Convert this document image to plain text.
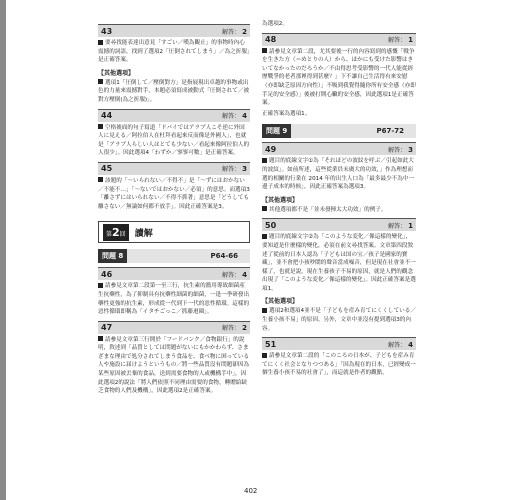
43	解答： 2

要尋找能表達出意見「すごい／嘆為觀止」的事物時內心震撼的詞語，找到了選項2「圧倒されてしまう」／為之折服」是正確答案。

【其他選項】

選項1「圧倒して／壓倒對方」是指展現出卓越的事物或出色的力量來震撼對手，本題必須寫成被動式「圧倒されて／被對方壓倒(為之折服)」。

44	解答： 4

空格後面的句子寫道「ドバイではアラブ人こそ逆に外国人に見える／阿拉伯人在杜拜看起來反而像是外國人」，也就是「アラブ人らしい人はとても少ない／看起來像阿拉伯人的人很少」。因此選項4「わずか／寥寥可數」是正確答案。

45	解答： 3

該題的「～いられない／不得不」是「～ずにはおかない／不能不…」「～ないではおかない／必須」的意思。而選項3「離さずにはいられない／不得不抓著」意思是「どうしても離さない／無論如何都不放手」。因此正確答案是3。

第2回	讀解
問題 8	P64-66
46	解答： 4

請參見文章第二段第一至三行，抗生素的濫用導致細菌產生抗藥性，為了抑制具有抗藥性細菌的細菌，一逢一季研發出藥性更強的抗生素，形成從一代到下一代的惡性循環。這樣的惡性循環即稱為「イタチごっこ／抓藤迴圈」。

47	解答： 2

請參見文章第三行開於「フードバンク／食物銀行」的說明，敘述到「品質としては問題がないにもかかわらず、さまざまな理由で処分されてしまう食品を、食べ物に困っている人や施設に届けようというもの／將一些品質沒有問題卻因為某些原因被丟棄的食品，送到需要食物的人或機構手中」，因此選項2的說法「將人們依照不同理由需要的食物，轉贈給缺乏食物的人們及機構」，因此選項2是正確答案。

為選項2。

48	解答： 1

請參見文章第二段，尤其要後一行的內容寫到的感慨「戦争を生きた方（＝めとりの人）から、ほかにも受けた影響はきいてなかったのだろうか／不由得思考受影響的一代人能從經歷戰爭的老者那裡得到甚麼？」下不讓自己生活得有來安慰（亦即缺乏原因方向性）」不吸到我覺得隨你所有安全感（亦即手足的安全感）」後被打開心臟的安全感，因此選項1是正確答案。

正確答案為選項1。

問題 9	P67-72
49	解答： 3

題目的底線文字①為「それほどの波紋を呼ぶ／引起如此大的波紋」。如前所述，這些從業員未廣大的功效，」作為理想而選的相關的行業在 2014 年的出生人口為「最多最少不為中一邊子成本的時候」，因此正確答案為選項3。

【其他選項】

其他選項都不是「並未發揮太大功效」的例子。

50	解答： 1

題目的底線文字②為「このような変化／像這樣的變化」，要知道是什麼樣的變化，必須在前文尋找答案。文章第四段敘述了從前的日本人認為「子どもは国の宝／孩子是國家的寶藏」，並不會把小孩吵鬧的聲音當成噪音，但是現在社會並不一樣了，也就是說，現在生養孩子不易的原因，就是人們的觀念出現了「このような変化／像這樣的變化」。因此正確答案是選項1。

【其他選項】

選項2和選項4並不是「子どもを産み育てにくくしている／生養小孩不易」的原因。另外，文章中並沒有提到選項3的內容。

51	解答： 4

請參見文章第二段的「このころの日本が、子どもを産み育てにくく社会となりつつある」「因為現在的日本，已經變成一個生養小孩不易的社會了」，而這就是作者的觀點。

402
